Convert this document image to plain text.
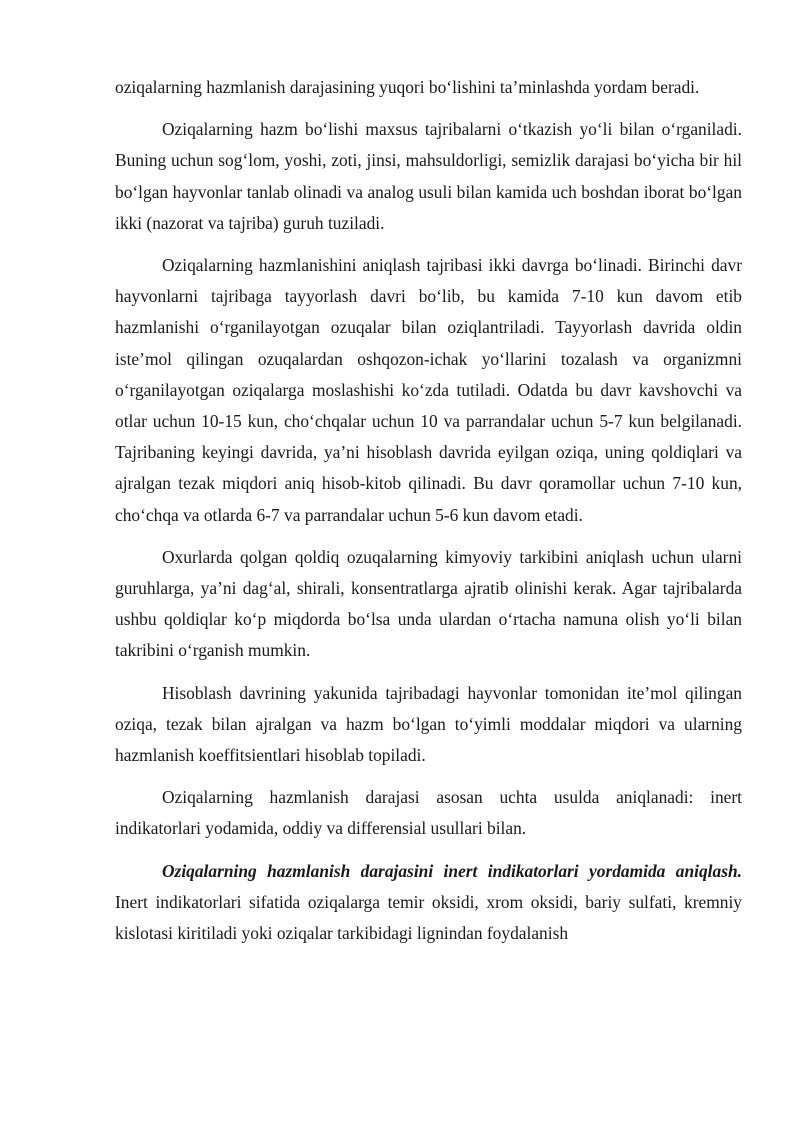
oziqalarning hazmlanish darajasining yuqori bo‘lishini ta’minlashda yordam beradi.

Oziqalarning hazm bo‘lishi maxsus tajribalarni o‘tkazish yo‘li bilan o‘rganiladi. Buning uchun sog‘lom, yoshi, zoti, jinsi, mahsuldorligi, semizlik darajasi bo‘yicha bir hil bo‘lgan hayvonlar tanlab olinadi va analog usuli bilan kamida uch boshdan iborat bo‘lgan ikki (nazorat va tajriba) guruh tuziladi.

Oziqalarning hazmlanishini aniqlash tajribasi ikki davrga bo‘linadi. Birinchi davr hayvonlarni tajribaga tayyorlash davri bo‘lib, bu kamida 7-10 kun davom etib hazmlanishi o‘rganilayotgan ozuqalar bilan oziqlantriladi. Tayyorlash davrida oldin iste’mol qilingan ozuqalardan oshqozon-ichak yo‘llarini tozalash va organizmni o‘rganilayotgan oziqalarga moslashishi ko‘zda tutiladi. Odatda bu davr kavshovchi va otlar uchun 10-15 kun, cho‘chqalar uchun 10 va parrandalar uchun 5-7 kun belgilanadi. Tajribaning keyingi davrida, ya’ni hisoblash davrida eyilgan oziqa, uning qoldiqlari va ajralgan tezak miqdori aniq hisob-kitob qilinadi. Bu davr qoramollar uchun 7-10 kun, cho‘chqa va otlarda 6-7 va parrandalar uchun 5-6 kun davom etadi.

Oxurlarda qolgan qoldiq ozuqalarning kimyoviy tarkibini aniqlash uchun ularni guruhlarga, ya’ni dag‘al, shirali, konsentratlarga ajratib olinishi kerak. Agar tajribalarda ushbu qoldiqlar ko‘p miqdorda bo‘lsa unda ulardan o‘rtacha namuna olish yo‘li bilan takribini o‘rganish mumkin.

Hisoblash davrining yakunida tajribadagi hayvonlar tomonidan ite’mol qilingan oziqa, tezak bilan ajralgan va hazm bo‘lgan to‘yimli moddalar miqdori va ularning hazmlanish koeffitsientlari hisoblab topiladi.

Oziqalarning hazmlanish darajasi asosan uchta usulda aniqlanadi: inert indikatorlari yodamida, oddiy va differensial usullari bilan.

Oziqalarning hazmlanish darajasini inert indikatorlari yordamida aniqlash. Inert indikatorlari sifatida oziqalarga temir oksidi, xrom oksidi, bariy sulfati, kremniy kislotasi kiritiladi yoki oziqalar tarkibidagi lignindan foydalanish
